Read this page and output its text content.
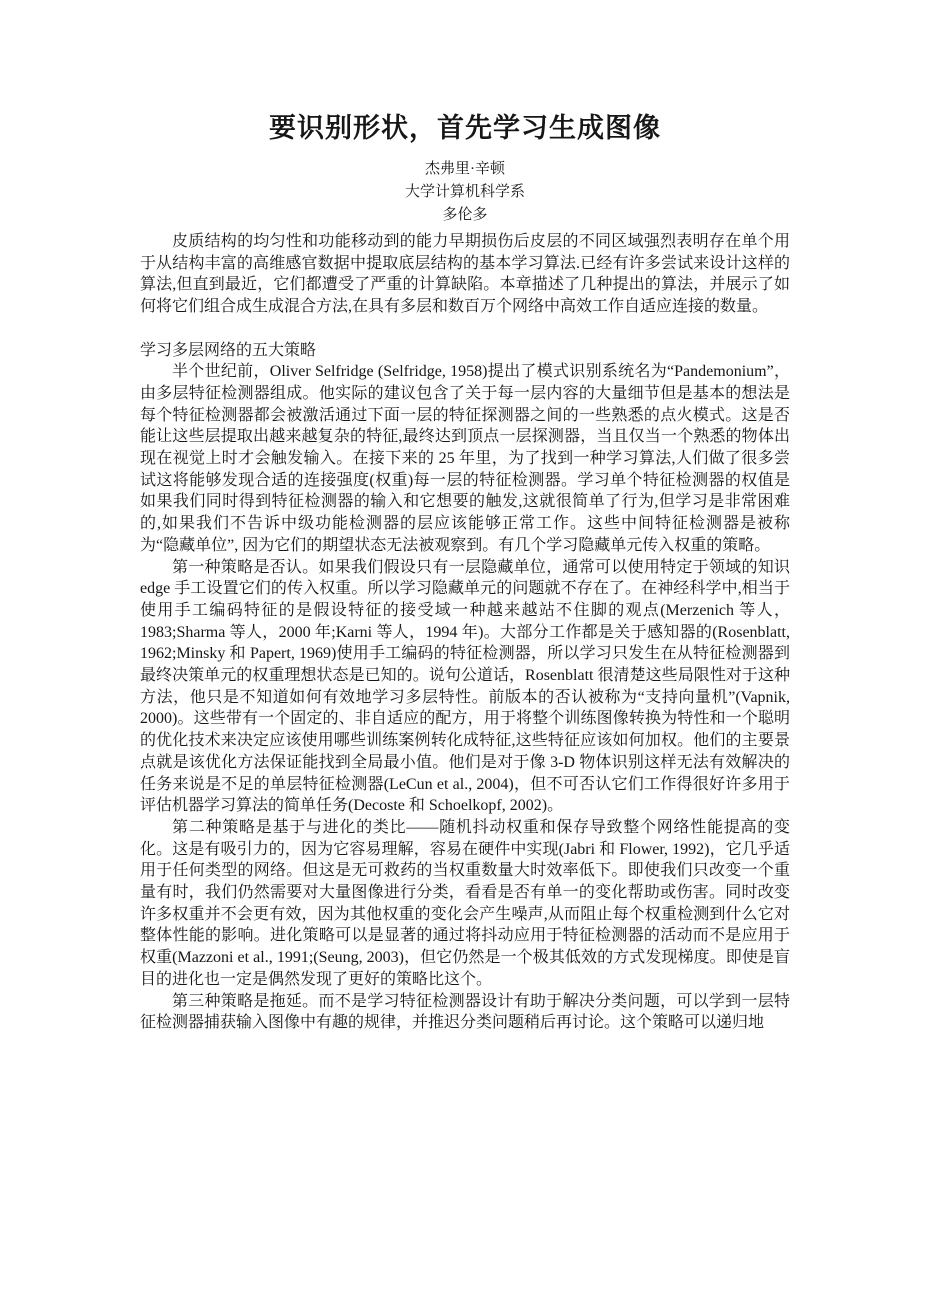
要识别形状，首先学习生成图像
杰弗里·辛顿
大学计算机科学系
多伦多

皮质结构的均匀性和功能移动到的能力早期损伤后皮层的不同区域强烈表明存在单个用于从结构丰富的高维感官数据中提取底层结构的基本学习算法.已经有许多尝试来设计这样的算法,但直到最近，它们都遭受了严重的计算缺陷。本章描述了几种提出的算法，并展示了如何将它们组合成生成混合方法,在具有多层和数百万个网络中高效工作自适应连接的数量。

学习多层网络的五大策略

半个世纪前，Oliver Selfridge (Selfridge, 1958)提出了模式识别系统名为“Pandemonium”，由多层特征检测器组成。他实际的建议包含了关于每一层内容的大量细节但是基本的想法是每个特征检测器都会被激活通过下面一层的特征探测器之间的一些熟悉的点火模式。这是否能让这些层提取出越来越复杂的特征,最终达到顶点一层探测器，当且仅当一个熟悉的物体出现在视觉上时才会触发输入。在接下来的 25 年里，为了找到一种学习算法,人们做了很多尝试这将能够发现合适的连接强度(权重)每一层的特征检测器。学习单个特征检测器的权值是如果我们同时得到特征检测器的输入和它想要的触发,这就很简单了行为,但学习是非常困难的,如果我们不告诉中级功能检测器的层应该能够正常工作。这些中间特征检测器是被称为“隐藏单位”, 因为它们的期望状态无法被观察到。有几个学习隐藏单元传入权重的策略。

第一种策略是否认。如果我们假设只有一层隐藏单位，通常可以使用特定于领域的知识 edge 手工设置它们的传入权重。所以学习隐藏单元的问题就不存在了。在神经科学中,相当于使用手工编码特征的是假设特征的接受域一种越来越站不住脚的观点(Merzenich 等人，1983;Sharma 等人，2000 年;Karni 等人，1994 年)。大部分工作都是关于感知器的(Rosenblatt, 1962;Minsky 和 Papert, 1969)使用手工编码的特征检测器，所以学习只发生在从特征检测器到最终决策单元的权重理想状态是已知的。说句公道话，Rosenblatt 很清楚这些局限性对于这种方法，他只是不知道如何有效地学习多层特性。前版本的否认被称为“支持向量机”(Vapnik, 2000)。这些带有一个固定的、非自适应的配方，用于将整个训练图像转换为特性和一个聪明的优化技术来决定应该使用哪些训练案例转化成特征,这些特征应该如何加权。他们的主要景点就是该优化方法保证能找到全局最小值。他们是对于像 3-D 物体识别这样无法有效解决的任务来说是不足的单层特征检测器(LeCun et al., 2004)，但不可否认它们工作得很好许多用于评估机器学习算法的简单任务(Decoste 和 Schoelkopf, 2002)。

第二种策略是基于与进化的类比——随机抖动权重和保存导致整个网络性能提高的变化。这是有吸引力的，因为它容易理解，容易在硬件中实现(Jabri 和 Flower, 1992)，它几乎适用于任何类型的网络。但这是无可救药的当权重数量大时效率低下。即使我们只改变一个重量有时，我们仍然需要对大量图像进行分类，看看是否有单一的变化帮助或伤害。同时改变许多权重并不会更有效，因为其他权重的变化会产生噪声,从而阻止每个权重检测到什么它对整体性能的影响。进化策略可以是显著的通过将抖动应用于特征检测器的活动而不是应用于权重(Mazzoni et al., 1991;(Seung, 2003)，但它仍然是一个极其低效的方式发现梯度。即使是盲目的进化也一定是偶然发现了更好的策略比这个。

第三种策略是拖延。而不是学习特征检测器设计有助于解决分类问题，可以学到一层特征检测器捕获输入图像中有趣的规律，并推迟分类问题稍后再讨论。这个策略可以递归地
